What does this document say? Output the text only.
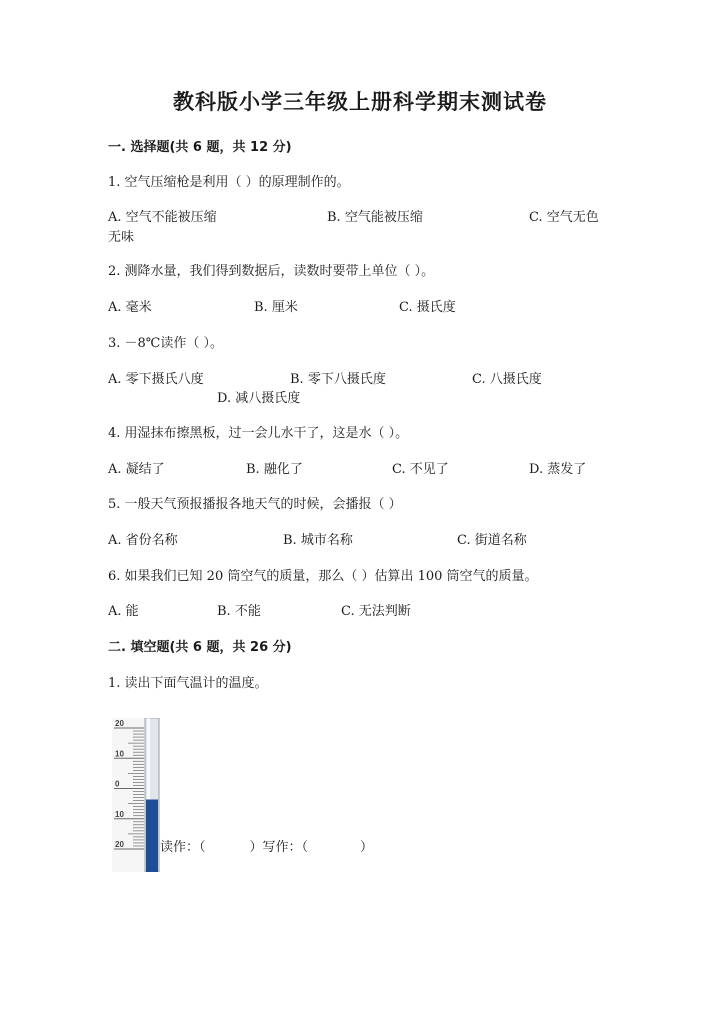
教科版小学三年级上册科学期末测试卷
一. 选择题(共 6 题，共 12 分)
1. 空气压缩枪是利用（ ）的原理制作的。
A. 空气不能被压缩	B. 空气能被压缩	C. 空气无色
无味
2. 测降水量，我们得到数据后，读数时要带上单位（ ）。
A. 毫米	B. 厘米	C. 摄氏度
3. －8℃读作（ ）。
A. 零下摄氏八度	B. 零下八摄氏度	C. 八摄氏度
D. 减八摄氏度
4. 用湿抹布擦黑板，过一会儿水干了，这是水（ ）。
A. 凝结了	B. 融化了	C. 不见了	D. 蒸发了
5. 一般天气预报播报各地天气的时候，会播报（ ）
A. 省份名称	B. 城市名称	C. 街道名称
6. 如果我们已知 20 筒空气的质量，那么（ ）估算出 100 筒空气的质量。
A. 能	B. 不能	C. 无法判断
二. 填空题(共 6 题，共 26 分)
1. 读出下面气温计的温度。
20
10
0
10
20	读作：（	）写作：（	）
